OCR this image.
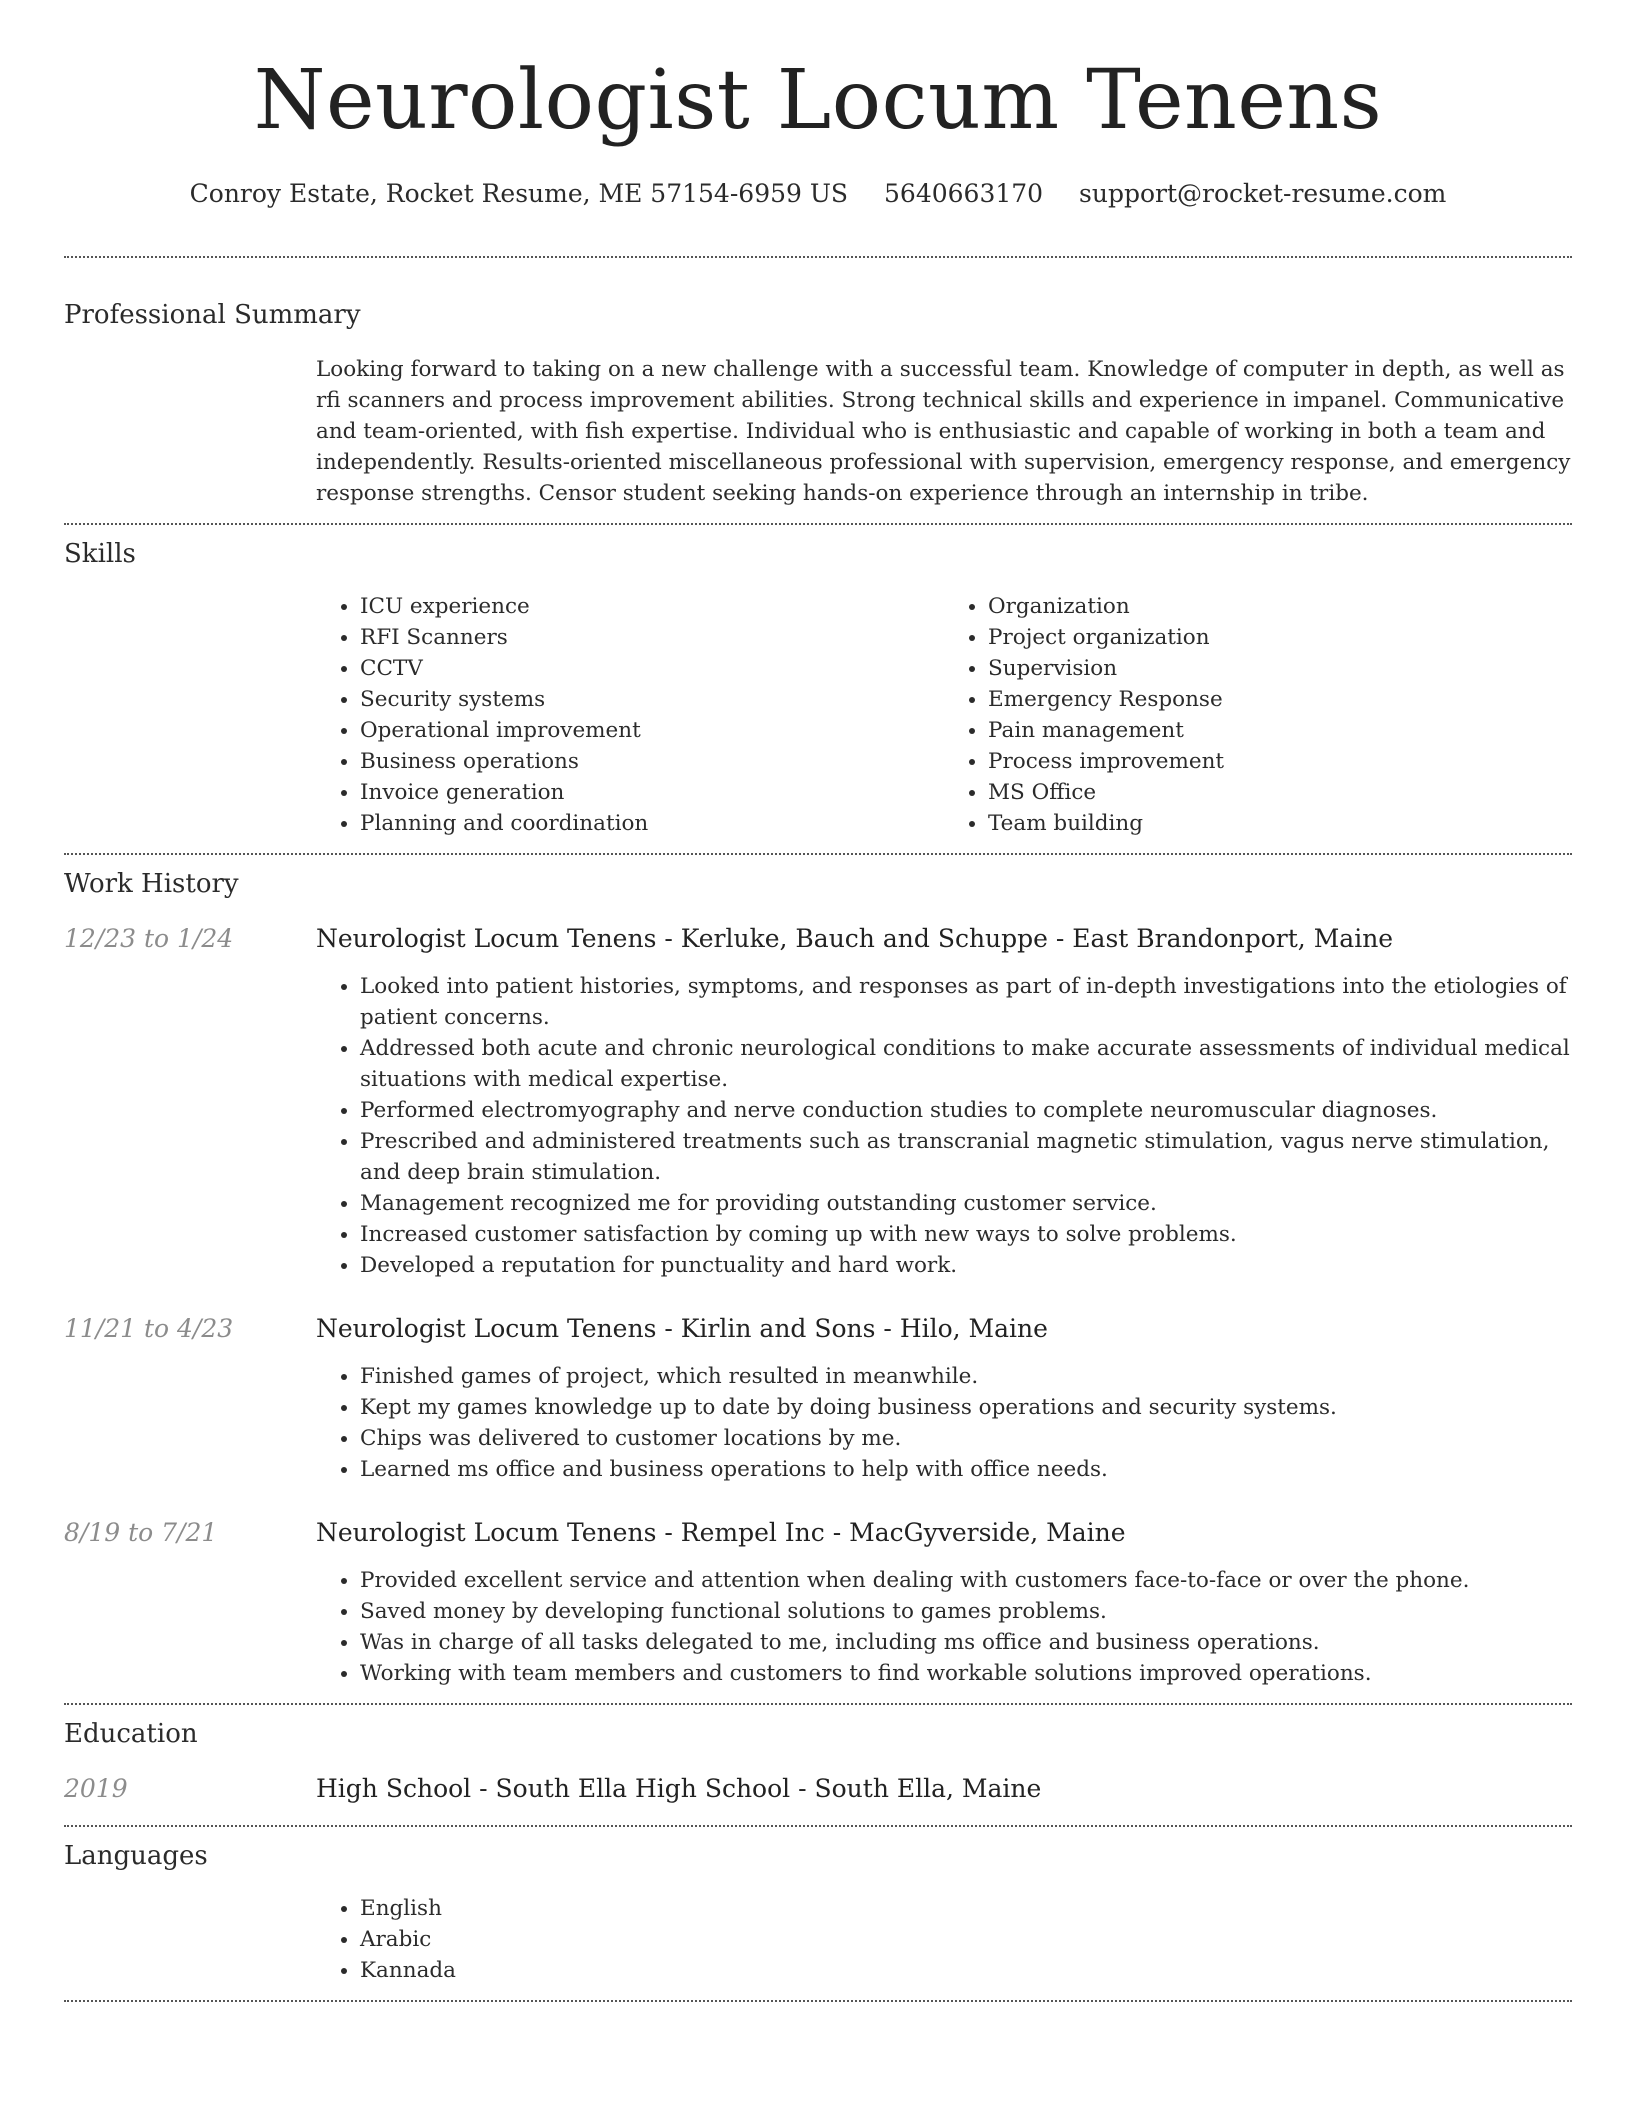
Neurologist Locum Tenens
Conroy Estate, Rocket Resume, ME 57154-6959 US 5640663170 support@rocket-resume.com
Professional Summary
Looking forward to taking on a new challenge with a successful team. Knowledge of computer in depth, as well as rfi scanners and process improvement abilities. Strong technical skills and experience in impanel. Communicative and team-oriented, with fish expertise. Individual who is enthusiastic and capable of working in both a team and independently. Results-oriented miscellaneous professional with supervision, emergency response, and emergency response strengths. Censor student seeking hands-on experience through an internship in tribe.
Skills
• ICU experience
• RFI Scanners
• CCTV
• Security systems
• Operational improvement
• Business operations
• Invoice generation
• Planning and coordination
• Organization
• Project organization
• Supervision
• Emergency Response
• Pain management
• Process improvement
• MS Office
• Team building
Work History
12/23 to 1/24	Neurologist Locum Tenens - Kerluke, Bauch and Schuppe - East Brandonport, Maine
• Looked into patient histories, symptoms, and responses as part of in-depth investigations into the etiologies of patient concerns.
• Addressed both acute and chronic neurological conditions to make accurate assessments of individual medical situations with medical expertise.
• Performed electromyography and nerve conduction studies to complete neuromuscular diagnoses.
• Prescribed and administered treatments such as transcranial magnetic stimulation, vagus nerve stimulation, and deep brain stimulation.
• Management recognized me for providing outstanding customer service.
• Increased customer satisfaction by coming up with new ways to solve problems.
• Developed a reputation for punctuality and hard work.
11/21 to 4/23	Neurologist Locum Tenens - Kirlin and Sons - Hilo, Maine
• Finished games of project, which resulted in meanwhile.
• Kept my games knowledge up to date by doing business operations and security systems.
• Chips was delivered to customer locations by me.
• Learned ms office and business operations to help with office needs.
8/19 to 7/21	Neurologist Locum Tenens - Rempel Inc - MacGyverside, Maine
• Provided excellent service and attention when dealing with customers face-to-face or over the phone.
• Saved money by developing functional solutions to games problems.
• Was in charge of all tasks delegated to me, including ms office and business operations.
• Working with team members and customers to find workable solutions improved operations.
Education
2019	High School - South Ella High School - South Ella, Maine
Languages
• English
• Arabic
• Kannada
